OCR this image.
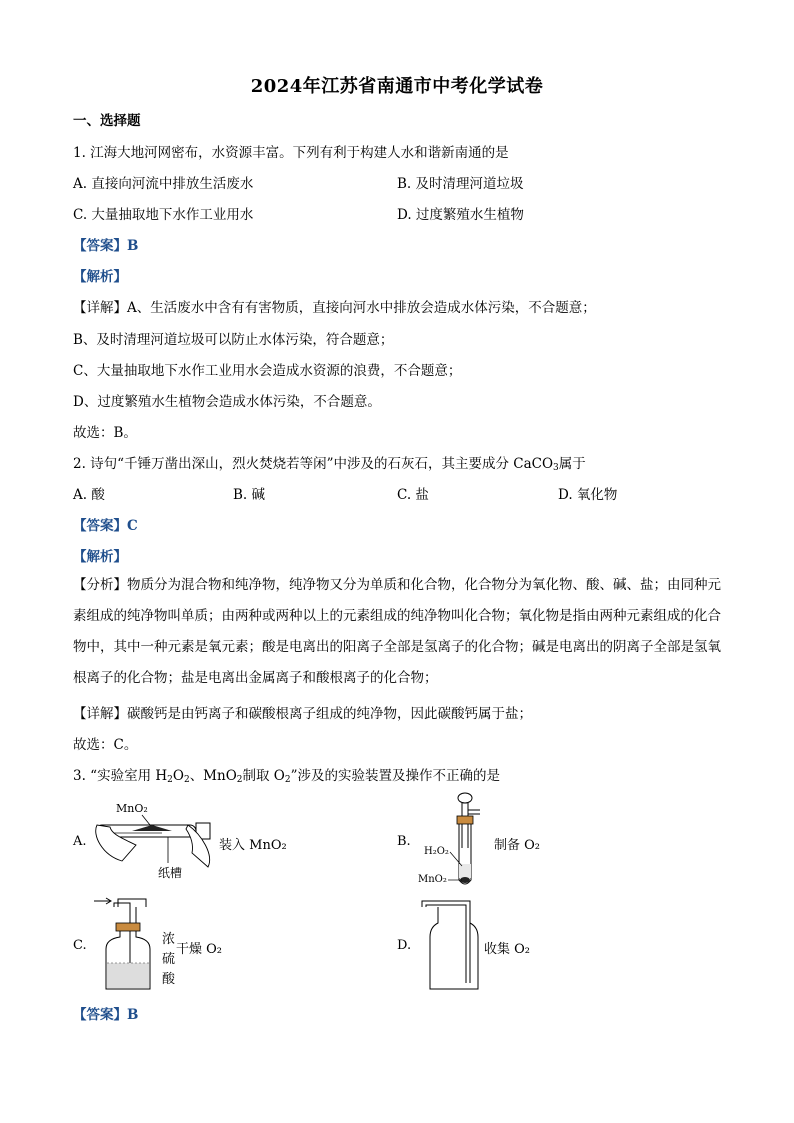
2024年江苏省南通市中考化学试卷
一、选择题
1. 江海大地河网密布，水资源丰富。下列有利于构建人水和谐新南通的是
A. 直接向河流中排放生活废水	B. 及时清理河道垃圾
C. 大量抽取地下水作工业用水	D. 过度繁殖水生植物
【答案】B
【解析】
【详解】A、生活废水中含有有害物质，直接向河水中排放会造成水体污染，不合题意；
B、及时清理河道垃圾可以防止水体污染，符合题意；
C、大量抽取地下水作工业用水会造成水资源的浪费，不合题意；
D、过度繁殖水生植物会造成水体污染，不合题意。
故选：B。
2. 诗句“千锤万凿出深山，烈火焚烧若等闲”中涉及的石灰石，其主要成分 CaCO$_3$属于
A. 酸	B. 碱	C. 盐	D. 氧化物
【答案】C
【解析】
【分析】物质分为混合物和纯净物，纯净物又分为单质和化合物，化合物分为氧化物、酸、碱、盐；由同种元素组成的纯净物叫单质；由两种或两种以上的元素组成的纯净物叫化合物；氧化物是指由两种元素组成的化合物中，其中一种元素是氧元素；酸是电离出的阳离子全部是氢离子的化合物；碱是电离出的阴离子全部是氢氧根离子的化合物；盐是电离出金属离子和酸根离子的化合物；
【详解】碳酸钙是由钙离子和碳酸根离子组成的纯净物，因此碳酸钙属于盐；
故选：C。
3. “实验室用 $H_2O_2$、MnO$_2$制取 $O_2$”涉及的实验装置及操作不正确的是
A.
MnO₂
纸槽
装入 MnO₂	B.
H₂O₂
MnO₂
制备 O₂
C.	浓硫酸
干燥 O₂	D.	收集 O₂
【答案】B
